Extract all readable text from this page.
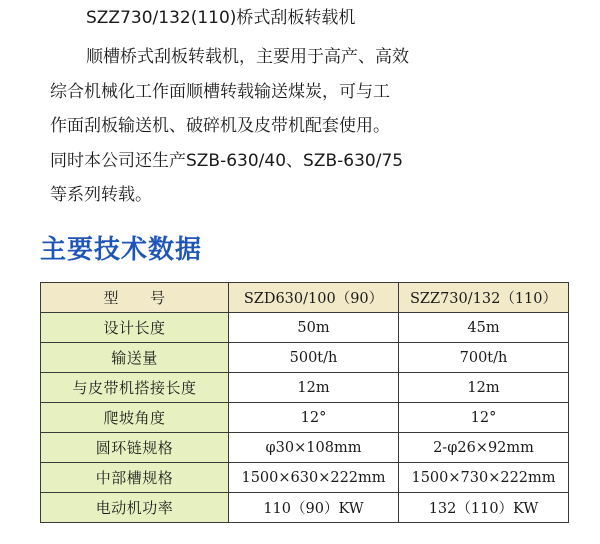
SZZ730/132(110)桥式刮板转载机
顺槽桥式刮板转载机，主要用于高产、高效
综合机械化工作面顺槽转载输送煤炭，可与工
作面刮板输送机、破碎机及皮带机配套使用。
同时本公司还生产SZB-630/40、SZB-630/75
等系列转载。
主要技术数据
型　　号	SZD630/100（90）	SZZ730/132（110）
设计长度	50m	45m
输送量	500t/h	700t/h
与皮带机搭接长度	12m	12m
爬坡角度	12°	12°
圆环链规格	φ30×108mm	2-φ26×92mm
中部槽规格	1500×630×222mm	1500×730×222mm
电动机功率	110（90）KW	132（110）KW
